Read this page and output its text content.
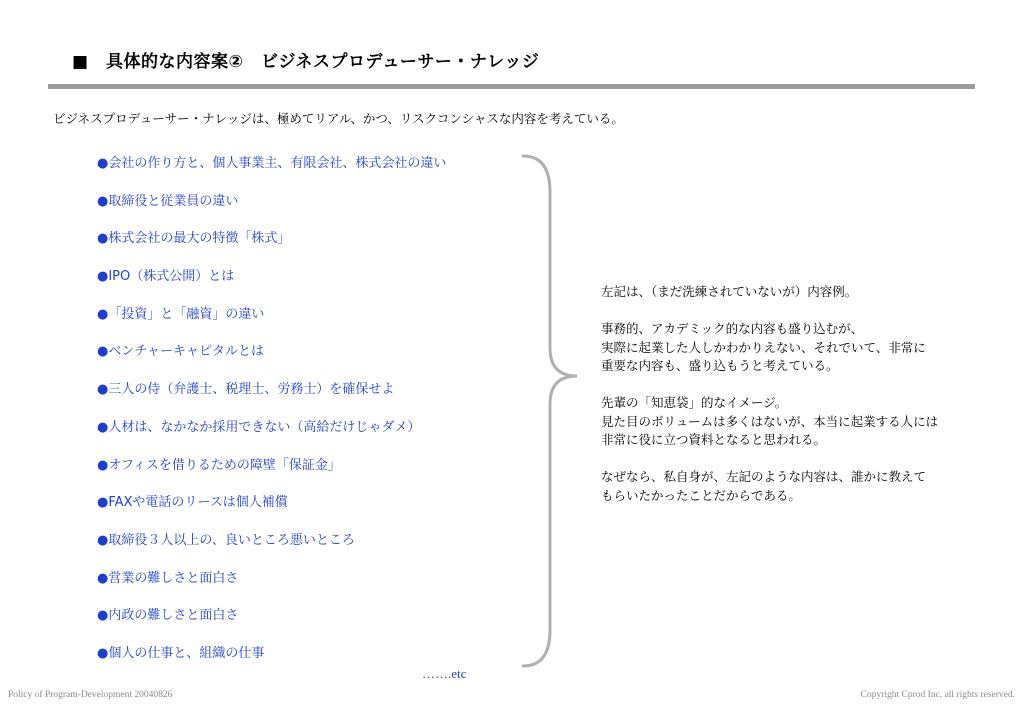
■　具体的な内容案②　ビジネスプロデューサー・ナレッジ
ビジネスプロデューサー・ナレッジは、極めてリアル、かつ、リスクコンシャスな内容を考えている。
●会社の作り方と、個人事業主、有限会社、株式会社の違い
●取締役と従業員の違い
●株式会社の最大の特徴「株式」
●IPO（株式公開）とは
●「投資」と「融資」の違い
●ベンチャーキャピタルとは
●三人の侍（弁護士、税理士、労務士）を確保せよ
●人材は、なかなか採用できない（高給だけじゃダメ）
●オフィスを借りるための障壁「保証金」
●FAXや電話のリースは個人補償
●取締役３人以上の、良いところ悪いところ
●営業の難しさと面白さ
●内政の難しさと面白さ
●個人の仕事と、組織の仕事

左記は、（まだ洗練されていないが）内容例。

事務的、アカデミック的な内容も盛り込むが、
実際に起業した人しかわかりえない、それでいて、非常に
重要な内容も、盛り込もうと考えている。

先輩の「知恵袋」的なイメージ。
見た目のボリュームは多くはないが、本当に起業する人には
非常に役に立つ資料となると思われる。

なぜなら、私自身が、左記のような内容は、誰かに教えて
もらいたかったことだからである。

…….etc
Policy of Program-Development 20040826	Copyright Cprod Inc, all rights reserved.
